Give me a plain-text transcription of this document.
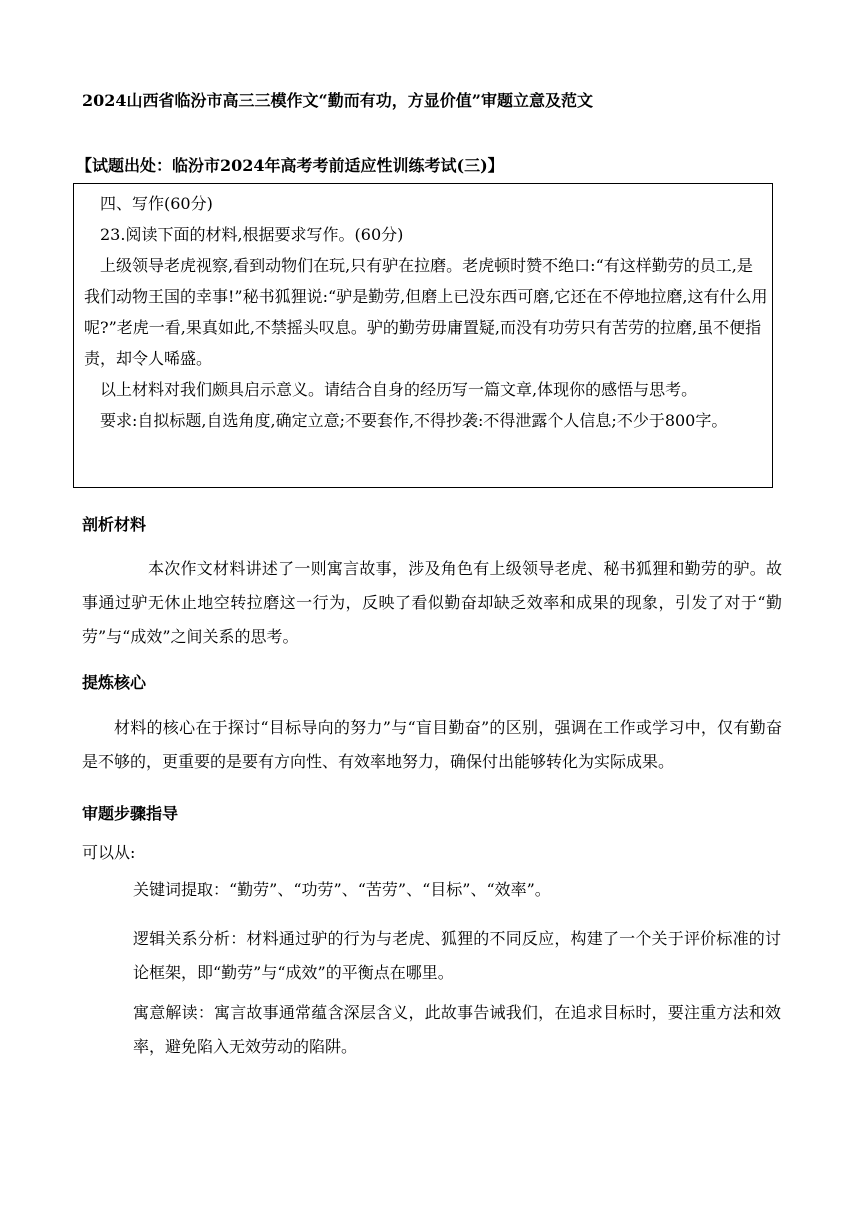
2024山西省临汾市高三三模作文“勤而有功，方显价值”审题立意及范文
【试题出处：临汾市2024年高考考前适应性训练考试(三)】

四、写作(60分)

23.阅读下面的材料,根据要求写作。(60分)

上级领导老虎视察,看到动物们在玩,只有驴在拉磨。老虎顿时赞不绝口:“有这样勤劳的员工,是我们动物王国的幸事!”秘书狐狸说:“驴是勤劳,但磨上已没东西可磨,它还在不停地拉磨,这有什么用呢?”老虎一看,果真如此,不禁摇头叹息。驴的勤劳毋庸置疑,而没有功劳只有苦劳的拉磨,虽不便指责，却令人唏盛。

以上材料对我们颇具启示意义。请结合自身的经历写一篇文章,体现你的感悟与思考。

要求:自拟标题,自选角度,确定立意;不要套作,不得抄袭:不得泄露个人信息;不少于800字。

剖析材料
本次作文材料讲述了一则寓言故事，涉及角色有上级领导老虎、秘书狐狸和勤劳的驴。故事通过驴无休止地空转拉磨这一行为，反映了看似勤奋却缺乏效率和成果的现象，引发了对于“勤劳”与“成效”之间关系的思考。
提炼核心
材料的核心在于探讨“目标导向的努力”与“盲目勤奋”的区别，强调在工作或学习中，仅有勤奋是不够的，更重要的是要有方向性、有效率地努力，确保付出能够转化为实际成果。
审题步骤指导
可以从:
关键词提取：“勤劳”、“功劳”、“苦劳”、“目标”、“效率”。
逻辑关系分析：材料通过驴的行为与老虎、狐狸的不同反应，构建了一个关于评价标准的讨论框架，即“勤劳”与“成效”的平衡点在哪里。
寓意解读：寓言故事通常蕴含深层含义，此故事告诫我们，在追求目标时，要注重方法和效率，避免陷入无效劳动的陷阱。
